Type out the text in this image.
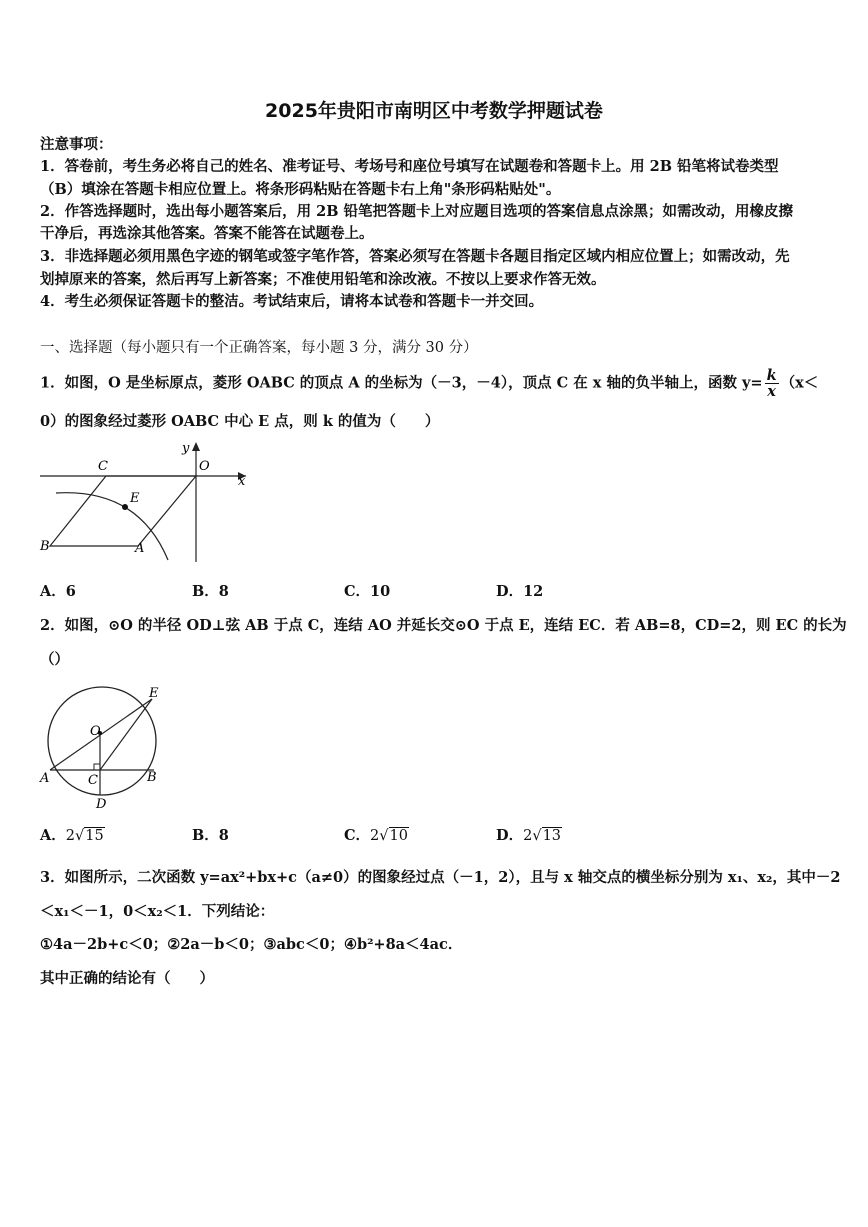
2025年贵阳市南明区中考数学押题试卷
注意事项：
1．答卷前，考生务必将自己的姓名、准考证号、考场号和座位号填写在试题卷和答题卡上。用 2B 铅笔将试卷类型
（B）填涂在答题卡相应位置上。将条形码粘贴在答题卡右上角"条形码粘贴处"。
2．作答选择题时，选出每小题答案后，用 2B 铅笔把答题卡上对应题目选项的答案信息点涂黑；如需改动，用橡皮擦
干净后，再选涂其他答案。答案不能答在试题卷上。
3．非选择题必须用黑色字迹的钢笔或签字笔作答，答案必须写在答题卡各题目指定区域内相应位置上；如需改动，先
划掉原来的答案，然后再写上新答案；不准使用铅笔和涂改液。不按以上要求作答无效。
4．考生必须保证答题卡的整洁。考试结束后，请将本试卷和答题卡一并交回。
一、选择题（每小题只有一个正确答案，每小题 3 分，满分 30 分）
1．如图，O 是坐标原点，菱形 OABC 的顶点 A 的坐标为（－3，－4），顶点 C 在 x 轴的负半轴上，函数 $y= \frac{k}{x} (x<$
0）的图象经过菱形 OABC 中心 E 点，则 k 的值为（　　）
C	O
y
x
E
B	A
A．6	B．8	C．10	D．12
2．如图，⊙O 的半径 OD⊥弦 AB 于点 C，连结 AO 并延长交⊙O 于点 E，连结 EC．若 AB=8，CD=2，则 EC 的长为
（）
E
O
A	C	B
D
A．2√15	B．8	C．2√10	D．2√13
3．如图所示，二次函数 y=ax²+bx+c（a≠0）的图象经过点（－1，2），且与 x 轴交点的横坐标分别为 x₁、x₂，其中－2
＜x₁＜－1，0＜x₂＜1．下列结论：
①4a－2b+c＜0；②2a－b＜0；③abc＜0；④b²+8a＜4ac．
其中正确的结论有（　　）
